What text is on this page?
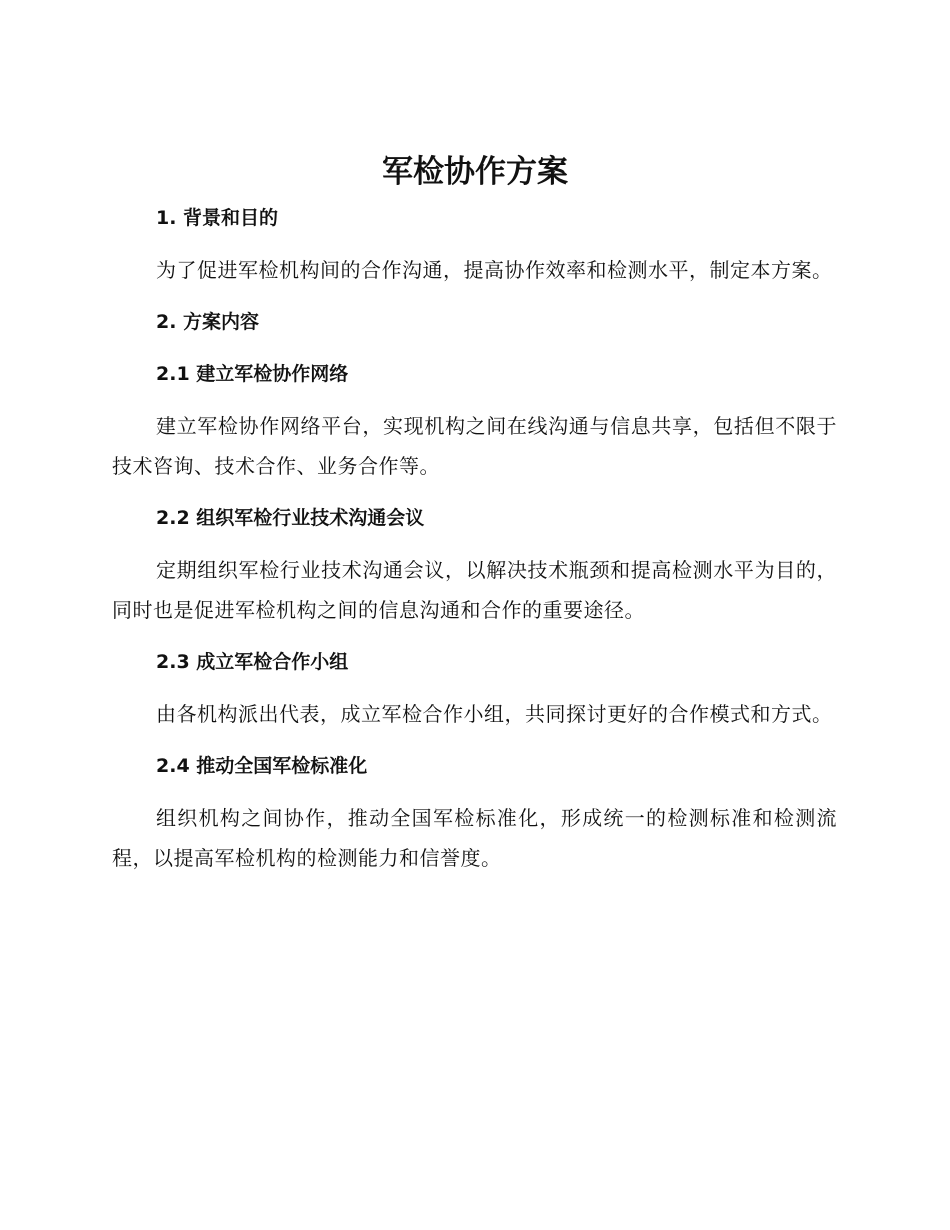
军检协作方案
1. 背景和目的

为了促进军检机构间的合作沟通，提高协作效率和检测水平，制定本方案。

2. 方案内容
2.1 建立军检协作网络

建立军检协作网络平台，实现机构之间在线沟通与信息共享，包括但不限于技术咨询、技术合作、业务合作等。

2.2 组织军检行业技术沟通会议

定期组织军检行业技术沟通会议，以解决技术瓶颈和提高检测水平为目的，同时也是促进军检机构之间的信息沟通和合作的重要途径。

2.3 成立军检合作小组

由各机构派出代表，成立军检合作小组，共同探讨更好的合作模式和方式。

2.4 推动全国军检标准化

组织机构之间协作，推动全国军检标准化，形成统一的检测标准和检测流程，以提高军检机构的检测能力和信誉度。
